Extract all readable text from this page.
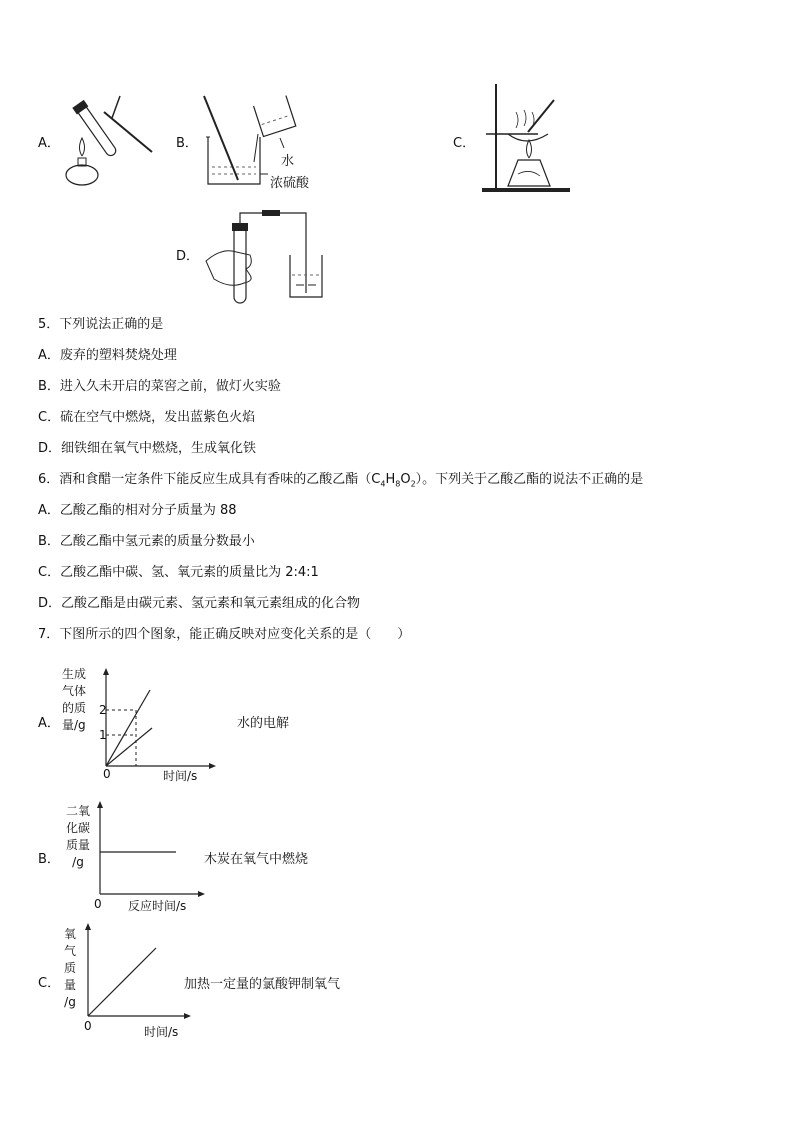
A．	B．
水
浓硫酸
C．
D．
5．下列说法正确的是
A．废弃的塑料焚烧处理
B．进入久未开启的菜窖之前，做灯火实验
C．硫在空气中燃烧，发出蓝紫色火焰
D．细铁细在氧气中燃烧，生成氧化铁
6．酒和食醋一定条件下能反应生成具有香味的乙酸乙酯$(C_4H_8O_2)$。下列关于乙酸乙酯的说法不正确的是
A．乙酸乙酯的相对分子质量为 88
B．乙酸乙酯中氢元素的质量分数最小
C．乙酸乙酯中碳、氢、氧元素的质量比为 2:4:1
D．乙酸乙酯是由碳元素、氢元素和氧元素组成的化合物
7．下图所示的四个图象，能正确反映对应变化关系的是（　　）
A．
生成
气体
的质
量/g
2
1
0	时间/s
水的电解
B．
二氧
化碳
质量
/g
0 反应时间/s
木炭在氧气中燃烧
C．
氧
气
质
量
/g
0	时间/s
加热一定量的氯酸钾制氧气
